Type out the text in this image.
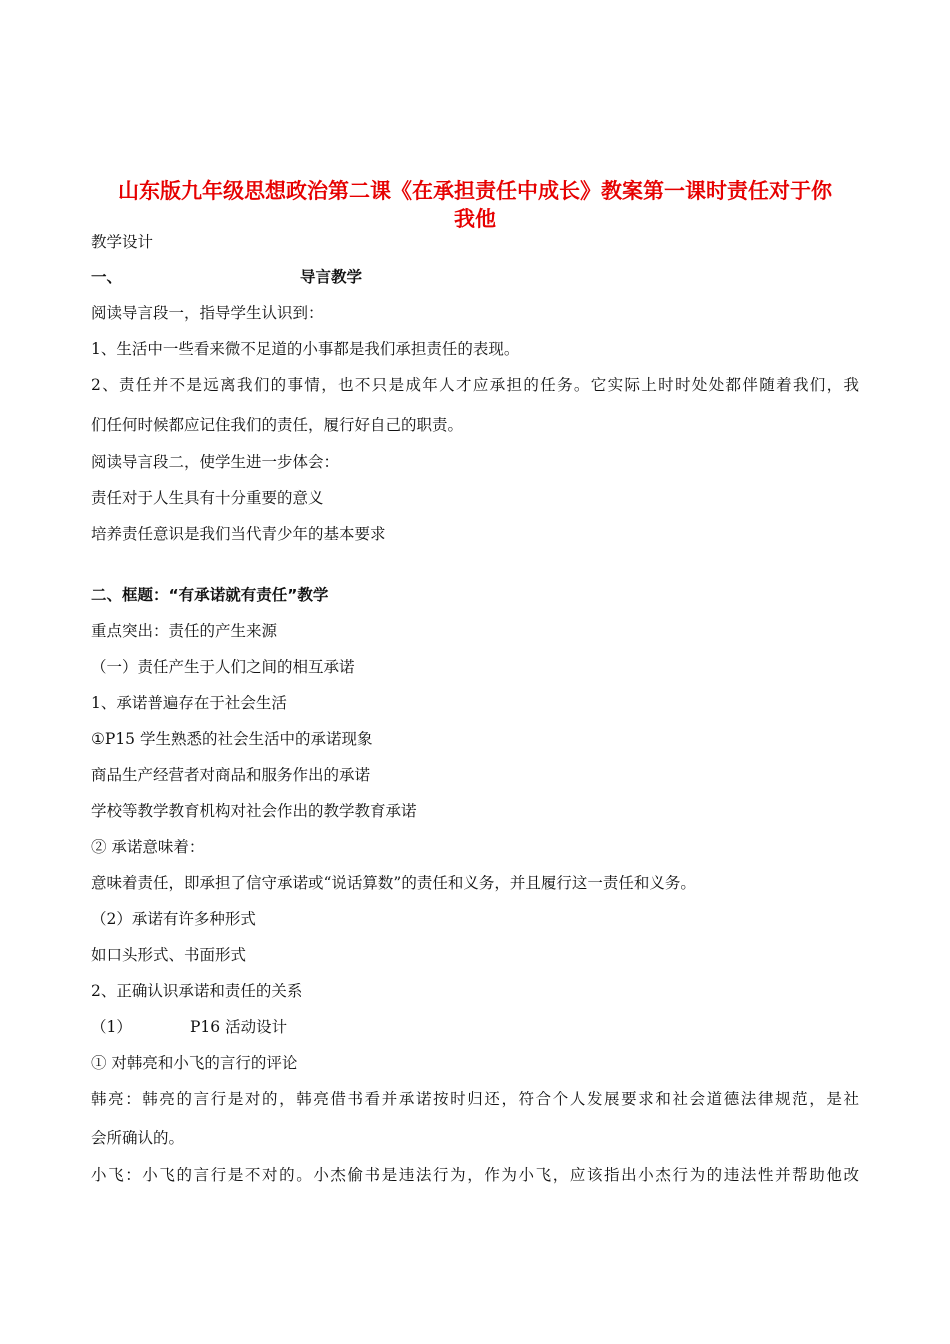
山东版九年级思想政治第二课《在承担责任中成长》教案第一课时责任对于你
我他
教学设计
一、	导言教学
阅读导言段一，指导学生认识到：
1、生活中一些看来微不足道的小事都是我们承担责任的表现。
2、责任并不是远离我们的事情，也不只是成年人才应承担的任务。它实际上时时处处都伴随着我们，我
们任何时候都应记住我们的责任，履行好自己的职责。
阅读导言段二，使学生进一步体会：
责任对于人生具有十分重要的意义
培养责任意识是我们当代青少年的基本要求
二、框题：“有承诺就有责任”教学
重点突出：责任的产生来源
（一）责任产生于人们之间的相互承诺
1、承诺普遍存在于社会生活
①P15 学生熟悉的社会生活中的承诺现象
商品生产经营者对商品和服务作出的承诺
学校等教学教育机构对社会作出的教学教育承诺
② 承诺意味着：
意味着责任，即承担了信守承诺或“说话算数”的责任和义务，并且履行这一责任和义务。
（2）承诺有许多种形式
如口头形式、书面形式
2、正确认识承诺和责任的关系
（1）	P16 活动设计
① 对韩亮和小飞的言行的评论
韩亮：韩亮的言行是对的，韩亮借书看并承诺按时归还，符合个人发展要求和社会道德法律规范，是社
会所确认的。
小飞：小飞的言行是不对的。小杰偷书是违法行为，作为小飞，应该指出小杰行为的违法性并帮助他改
